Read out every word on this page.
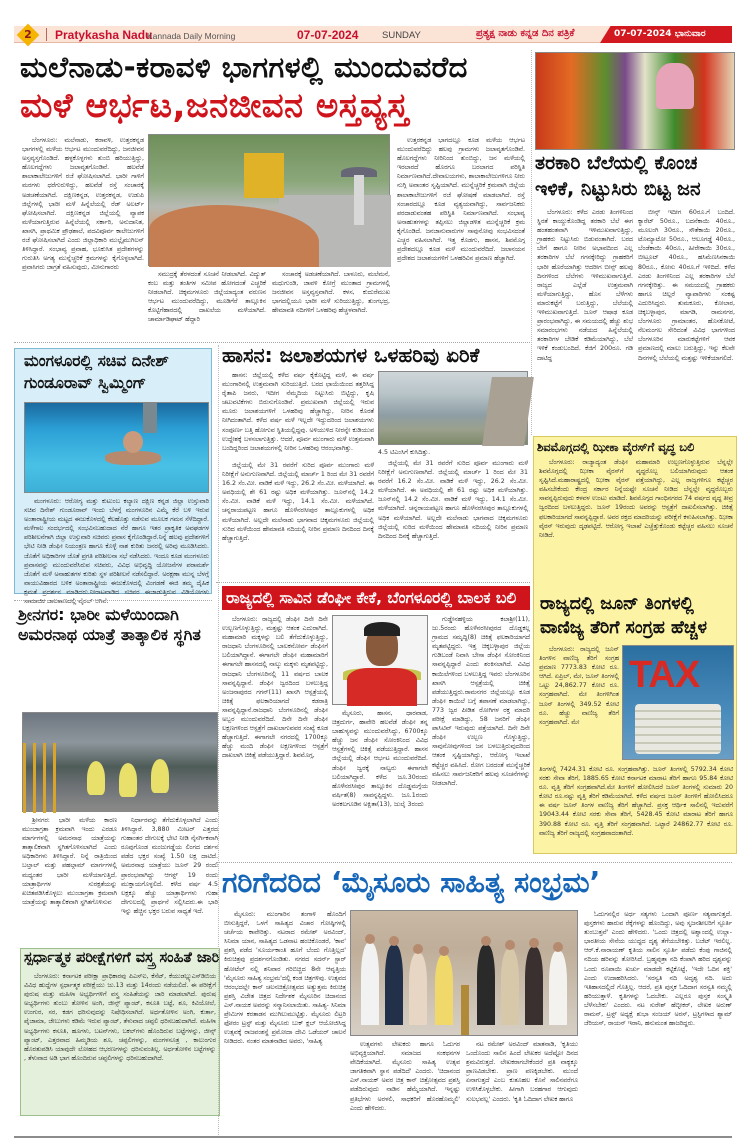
2	Pratykasha Nadu
Kannada Daily Morning	07-07-2024 SUNDAY	ಪ್ರತ್ಯಕ್ಷ ನಾಡು ಕನ್ನಡ ದಿನ ಪತ್ರಿಕೆ	07-07-2024 ಭಾನುವಾರ
ಮಲೆನಾಡು-ಕರಾವಳಿ ಭಾಗಗಳಲ್ಲಿ ಮುಂದುವರೆದ
ಮಳೆ ಆರ್ಭಟ,ಜನಜೀವನ ಅಸ್ತವ್ಯಸ್ತ
ಬೆಂಗಳೂರು: ಮಲೆನಾಡು, ಕರಾವಳಿ, ಉತ್ತರಕನ್ನಡ ಭಾಗಗಳಲ್ಲಿ ಮಳೆಯ ಆರ್ಭಟ ಮುಂದುವರೆದಿದ್ದು, ಜನಜೀವನ ಅಸ್ತವ್ಯಸ್ತಗೊಂಡಿದೆ. ಹಳ್ಳಕೊಳ್ಳಗಳು ತುಂಬಿ ಹರಿಯುತ್ತಿದ್ದು, ಹೊಲಗದ್ದೆಗಳು ಜಲಾವೃತಗೊಂಡಿವೆ. ಹಲವೆಡೆ ಶಾಲಾಕಾಲೇಜುಗಳಿಗೆ ರಜೆ ಘೋಷಿಸಲಾಗಿದೆ. ಭಾರೀ ಗಾಳಿಗೆ ಮರಗಳು ಧರೆಗುರುಳಿದ್ದು, ಹಲವೆಡೆ ರಸ್ತೆ ಸಂಚಾರಕ್ಕೆ ಅಡಚಣೆಯಾಗಿದೆ. ದಕ್ಷಿಣಕನ್ನಡ, ಉತ್ತರಕನ್ನಡ, ಉಡುಪಿ ಜಿಲ್ಲೆಗಳಲ್ಲಿ ಭಾರೀ ಮಳೆ ಹಿನ್ನೆಲೆಯಲ್ಲಿ ರೆಡ್ ಅಲರ್ಟ್ ಘೋಷಿಸಲಾಗಿದೆ. ದಕ್ಷಿಣಕನ್ನಡ ಜಿಲ್ಲೆಯಲ್ಲಿ ವ್ಯಾಪಕ ಮಳೆಯಾಗುತ್ತಿರುವ ಹಿನ್ನೆಲೆಯಲ್ಲಿ ಸರ್ಕಾರಿ, ಅನುದಾನಿತ, ಖಾಸಗಿ, ಪ್ರಾಥಮಿಕ ಪ್ರೌಢಶಾಲೆ, ಪದವಿಪೂರ್ವ ಕಾಲೇಜುಗಳಿಗೆ ರಜೆ ಘೋಷಿಸಲಾಗಿದೆ ಎಂದು ಜಿಲ್ಲಾಧಿಕಾರಿ ಮುಲ್ಲೈಮುಗಿಲನ್ ತಿಳಿಸಿದ್ದಾರೆ. ಸಂಭಾವ್ಯ ಪ್ರವಾಹ, ಭೂಕುಸಿತ ಪ್ರದೇಶಗಳನ್ನು ಗುರುತಿಸಿ ಅಗತ್ಯ ಮುನ್ನೆಚ್ಚರಿಕೆ ಕ್ರಮಗಳನ್ನು ಕೈಗೊಳ್ಳಲಾಗಿದೆ. ಪ್ರವಾಸಿಗರು ಜಾಗ್ರತೆ ವಹಿಸುವುದು, ಮೀನುಗಾರರು
ಸಮುದ್ರಕ್ಕೆ ತೆರಳದಂತೆ ಸೂಚನೆ ನೀಡಲಾಗಿದೆ. ವಿದ್ಯುತ್ ಕಂಬ ಮತ್ತು ತಂತಿಗಳ ಸಮೀಪ ಹೋಗದಂತೆ ಎಚ್ಚರಿಕೆ ನೀಡಲಾಗಿದೆ. ಚಿಕ್ಕಮಗಳೂರು ಜಿಲ್ಲೆಯಾದ್ಯಂತ ವರುಣನ ಆರ್ಭಟ ಮುಂದುವರೆದಿದ್ದು, ಮೂಡಿಗೆರೆ ತಾಲ್ಲೂಕಿನ ಕೊಟ್ಟಿಗೆಹಾರದಲ್ಲಿ ದಾಖಲೆಯ ಮಳೆಯಾಗಿದೆ. ಚಾರ್ಮಾಡಿಘಾಟ್ ಹೆದ್ದಾರಿ
ಸಂಚಾರಕ್ಕೆ ಅಡಚಣೆಯಾಗಿದೆ. ಬಾಳೂರು, ಮಲೆಮನೆ, ಮಧುಗುಂಡಿ, ಜಾವಳಿ ಕೋಗ್ರೆ ಮುಂತಾದ ಗ್ರಾಮಗಳಲ್ಲಿ ಜನಜೀವನ ಅಸ್ತವ್ಯಸ್ತವಾಗಿದೆ. ಕಳಸ, ಕುದುರೆಮುಖ ಭಾಗದಲ್ಲಿಯೂ ಭಾರೀ ಮಳೆ ಸುರಿಯುತ್ತಿದ್ದು, ತುಂಗಭದ್ರ, ಹೇಮಾವತಿ ನದಿಗಳಿಗೆ ಒಳಹರಿವು ಹೆಚ್ಚಳವಾಗಿದೆ.
ಉತ್ತರಕನ್ನಡ ಭಾಗದಲ್ಲೂ ಕೂಡ ಮಳೆಯ ಆರ್ಭಟ ಮುಂದುವರೆದಿದ್ದು ಹಲವು ಗ್ರಾಮಗಳು ಜಲಾವೃತಗೊಂಡಿವೆ. ಹೊಲಗದ್ದೆಗಳು ನೀರಿನಿಂದ ತುಂಬಿದ್ದು, ಜನ ಮಳೆಯಲ್ಲಿ ಇರಲಾರದೆ ಹೊರಗೂ ಬರಲಾಗದ ಪರಿಸ್ಥಿತಿ ನಿರ್ಮಾಣವಾಗಿದೆ.ದೇವಾಲಯಗಳು, ಶಾಲಾಕಾಲೇಜುಗಳಿಗೂ ನೀರು ನುಗ್ಗಿ ಅವಾಂತರ ಸೃಷ್ಟಿಯಾಗಿದೆ. ಮುನ್ನೆಚ್ಚರಿಕೆ ಕ್ರಮವಾಗಿ ಜಿಲ್ಲೆಯ ಶಾಲಾಕಾಲೇಜುಗಳಿಗೆ ರಜೆ ಘೋಷಣೆ ಮಾಡಲಾಗಿದೆ. ರಸ್ತೆ ಸಂಚಾರದಲ್ಲೂ ಕೂಡ ವ್ಯತ್ಯಯವಾಗಿದ್ದು, ಸಾರ್ವಜನಿಕರು ಪರದಾಡುವಂತಹ ಪರಿಸ್ಥಿತಿ ನಿರ್ಮಾಣವಾಗಿದೆ. ಸಂಭಾವ್ಯ ಅನಾಹುತಗಳನ್ನು ತಪ್ಪಿಸಲು ಜಿಲ್ಲಾಡಳಿತ ಮುನ್ನೆಚ್ಚರಿಕೆ ಕ್ರಮ ಕೈಗೊಂಡಿದೆ. ಜನಜಾನುವಾರುಗಳ ಸಾವುನೋವು ಸಂಭವಿಸದಂತೆ ಎಚ್ಚರ ವಹಿಸಲಾಗಿದೆ. ಇತ್ತ ಕೊಡಗು, ಹಾಸನ, ಶಿವಮೊಗ್ಗ ಪ್ರದೇಶದಲ್ಲೂ ಕೂಡ ಮಳೆ ಮುಂದುವರೆದಿದೆ. ಜಲಾನಯನ ಪ್ರದೇಶದ ಜಲಾಶಯಗಳಿಗೆ ಒಳಹರಿವಿನ ಪ್ರಮಾಣ ಹೆಚ್ಚಾಗಿದೆ.
ತರಕಾರಿ ಬೆಲೆಯಲ್ಲಿ ಕೊಂಚ
ಇಳಿಕೆ, ನಿಟ್ಟುಸಿರು ಬಿಟ್ಟ ಜನ
ಬೆಂಗಳೂರು: ಕಳೆದ ಎರಡು ತಿಂಗಳಿನಿಂದ ಸ್ಥಿರತೆ ಕಾಯ್ದುಕೊಂಡಿದ್ದ ತರಕಾರಿ ಬೆಲೆ ಈಗ ಹಂತಹಂತವಾಗಿ ಇಳಿಮುಖವಾಗುತ್ತಿದ್ದು, ಗ್ರಾಹಕರು ನಿಟ್ಟುಸಿರು ಬಿಡುವಂತಾಗಿದೆ. ಬರದ ಬೇಗೆ ಹಾಗೂ ನೀರಿನ ಅಭಾವದಿಂದ ಎಲ್ಲ ತರಕಾರಿಗಳ ಬೆಲೆ ಗಗನಕ್ಕೇರಿದ್ದು ಗ್ರಾಹಕರಿಗೆ ಭಾರೀ ಹೊರೆಯಾಗಿತ್ತು ಆದರೀಗ ಬೀನ್ಸ್ ಹಲವು ದಿನಗಳಿಂದ ಬೆಲೆಗಳು ಇಳಿಮುಖವಾಗುತ್ತಿವೆ. ರಾಜ್ಯದ ಎಲ್ಲೆಡೆ ಉತ್ತಮವಾಗಿ ಮಳೆಯಾಗುತ್ತಿದ್ದು, ಹೊಸ ಬೆಳೆಗಳು ಮಾರುಕಟ್ಟೆಗೆ ಬರುತ್ತಿದ್ದು, ಬೆಲೆಯಲ್ಲಿ ಇಳಿಮುಖವಾಗುತ್ತಿದೆ. ಜೂನ್ ಆಷಾಢ ಕೂಡ ಪ್ರಾರಂಭವಾಗಿದ್ದು, ಈ ಸಮಯದಲ್ಲಿ ಹೆಚ್ಚು ಶುಭ ಸಮಾರಂಭಗಳು ನಡೆಯದ ಹಿನ್ನೆಲೆಯಲ್ಲಿ ತರಕಾರಿಗಳ ಬೇಡಿಕೆ ಕಡಿಮೆಯಾಗಿದ್ದು, ಬೆಲೆ ಇಳಿಕೆ ಕಂಡುಬಂದಿದೆ. ಕೆಜಿಗೆ 200ರೂ. ಗಡಿ ದಾಟಿದ್ದ
ಬೀನ್ಸ್ ಇದೀಗ 60ರೂ.ಗೆ ಬಂದಿದೆ. ಕ್ಯಾರೆಟ್ 50ರೂ., ಬದನೆಕಾಯಿ 40ರೂ., ಮೂಲಂಗಿ 30ರೂ., ಸೌತೆಕಾಯಿ 20ರೂ., ಟೊಮ್ಯಾಟೋ 50ರೂ., ಆಲೂಗಡ್ಡೆ 40ರೂ., ಬೆಂಡೆಕಾಯಿ 40ರೂ., ಹೀರೇಕಾಯಿ 30ರೂ., ಬೀಟ್ರೂಟ್ 40ರೂ., ಹಸಿಮೆಣಸಿನಕಾಯಿ 80ರೂ., ಕೋಸು 40ರೂ.ಗೆ ಇಳಿದಿದೆ. ಕಳೆದ ಎರಡು ತಿಂಗಳಿನಿಂದ ಎಲ್ಲ ತರಕಾರಿಗಳ ಬೆಲೆ ಗಗನಕ್ಕೇರಿತ್ತು. ಈ ಸಮಯದಲ್ಲಿ ಗ್ರಾಹಕರು ಹಾಗೂ ಚಿಲ್ಲರೆ ವ್ಯಾಪಾರಿಗಳು ಸಂಕಷ್ಟ ಎದುರಿಸಿದ್ದರು. ತುಮಕೂರು, ಕೋಲಾರ, ಚಿಕ್ಕಬಳ್ಳಾಪುರ, ಮಾಗಡಿ, ರಾಮನಗರ, ಬೆಂಗಳೂರು ಗ್ರಾಮಾಂತರ, ಹೊಸಕೋಟೆ, ನೆಲಮಂಗಲ ಸೇರಿದಂತೆ ವಿವಿಧ ಭಾಗಗಳಿಂದ ಬೆಂಗಳೂರಿನ ಮಾರುಕಟ್ಟೆಗಳಿಗೆ ಆವಕ ಪ್ರಮಾಣದಲ್ಲಿ ಮಾಲು ಬರುತ್ತಿದ್ದು, ಇನ್ನು ಕೆಲವೇ ದಿನಗಳಲ್ಲಿ ಬೆಲೆಯಲ್ಲಿ ಮತ್ತಷ್ಟು ಇಳಿಕೆಯಾಗಲಿದೆ.
ಮಂಗಳೂರಲ್ಲಿ ಸಚಿವ ದಿನೇಶ್
ಗುಂಡೂರಾವ್ ಸ್ವಿಮ್ಮಿಂಗ್
ಮಂಗಳೂರು: ಆರೋಗ್ಯ ಮತ್ತು ಕುಟುಂಬ ಕಲ್ಯಾಣ ದಕ್ಷಿಣ ಕನ್ನಡ ಜಿಲ್ಲಾ ಉಸ್ತುವಾರಿ ಸಚಿವ ದಿನೇಶ್ ಗುಂಡೂರಾವ್ ಇಂದು ಬೆಳಗ್ಗೆ ಮಂಗಳೂರಿನ ಎಮ್ಮೆ ಕೆರೆ ಬಳಿ ಇರುವ ಅಂತಾರಾಷ್ಟ್ರೀಯ ಮಟ್ಟದ ಈಜುಕೊಳದಲ್ಲಿ ಕೆಲಹೊತ್ತು ನಡೆಸುವ ಮೂಲಕ ಗಮನ ಸೆಳೆದಿದ್ದಾರೆ. ಮಳೆಗಾಲ ಸಂದರ್ಭದಲ್ಲಿ ಸಂಭವಿಸಬಹುದಾದ ನೆರೆ ಹಾಗೂ ಇತರ ಪ್ರಾಕೃತಿಕ ಅವಘಡಗಳ ಪರಿಶೀಲನೆಗಾಗಿ ಜಿಲ್ಲಾ ಉಸ್ತುವಾರಿ ಸಚಿವರು ಪ್ರವಾಸ ಕೈಗೊಂಡಿದ್ದಾರೆ.ನಿನ್ನೆ ಹಲವು ಪ್ರದೇಶಗಳಿಗೆ ಭೇಟಿ ನೀಡಿ ಡೆಂಘೀ ನಿಯಂತ್ರಣ ಹಾಗೂ ಕೊಳ್ಳೆ ನಾಶ ಕುರಿತು ಜನರಲ್ಲಿ ಅರಿವು ಮೂಡಿಸಿದರು. ಜೊತೆಗೆ ಅಧಿಕಾರಿಗಳ ಜೊತೆ ಪ್ರಗತಿ ಪರಿಶೀಲನಾ ಸಭೆ ನಡೆಸಿದರು. ಇಂದೂ ಕೂಡ ಮಂಗಳೂರು ಪ್ರವಾಸವನ್ನು ಮುಂದುವರೆಸಿರುವ ಸಚಿವರು, ವಿವಿಧ ಅಭಿವೃದ್ಧಿ ಯೋಜನೆಗಳ ಪರಾಮರ್ಶೆ ಜೊತೆಗೆ ಮಳೆ ಅನಾಹುತಗಳ ಕುರಿತು ಸ್ಥಳ ಪರಿಶೀಲನೆ ನಡೆಸಲಿದ್ದಾರೆ. ಅರಕ್ಷಣಾ ಮುನ್ನ ಬೆಳಗ್ಗೆ ವಾಯುವಿಹಾರದ ಬಳಿಕ ಅಂತಾರಾಷ್ಟ್ರೀಯ ಈಜುಕೊಳದಲ್ಲಿ ವಿಂಗಡಣೆ ಈಜಿ ತಮ್ಮ ದೈಹಿಕ ಕ್ಷಮತೆ ಪ್ರದರ್ಶನ ಮಾಡಿದರು.ನೀರಾಟವಾಡಿದ ಸಚಿವರ ಈಜಾಡುತ್ತಿರುವ ವಿಡಿಯೋಗಳು ಸಾಮಾಜಿಕ ಜಾಲತಾಣದಲ್ಲಿ ವೈರಲ್ ಆಗಿವೆ.
ಹಾಸನ: ಜಲಾಶಯಗಳ ಒಳಹರಿವು ಏರಿಕೆ
ಹಾಸನ: ಜಿಲ್ಲೆಯಲ್ಲಿ ಕಳೆದ ವರ್ಷ ಕೈಕೊಟ್ಟಿದ್ದ ಮಳೆ, ಈ ವರ್ಷ ಮುಂಗಾರಿನಲ್ಲಿ ಉತ್ತಮವಾಗಿ ಸುರಿಯುತ್ತಿದೆ. ಬರದ ಛಾಯೆಯಿಂದ ತತ್ತರಿಸಿದ್ದ ರೈತಾಪಿ ಜನರು, ಇದೀಗ ನೆಮ್ಮದಿಯ ನಿಟ್ಟುಸಿರು ಬಿಟ್ಟಿದ್ದು, ಕೃಷಿ ಚಟುವಟಿಕೆಗಳು ಬಿರುಸುಗೊಂಡಿವೆ. ಪ್ರಮುಖವಾಗಿ ಜಿಲ್ಲೆಯಲ್ಲಿ ಇರುವ ಮೂರು ಜಲಾಶಯಗಳಿಗೆ ಒಳಹರಿವು ಹೆಚ್ಚಾಗಿದ್ದು, ನೀರಿನ ಕೊರತೆ ನೀಗಿದಂತಾಗಿದೆ. ಕಳೆದ ವರ್ಷ ಮಳೆ ಇಲ್ಲದೇ ಇದ್ದುದರಿಂದ ಜಲಾಶಯಗಳು ಸಂಪೂರ್ಣ ಬತ್ತಿ ಹೋಗುವ ಸ್ಥಿತಿಯಲ್ಲಿದ್ದವು. ಅಳಿಯುಳಿದ ನೀರನ್ನೇ ಕುಡಿಯುವ ಉದ್ದೇಶಕ್ಕೆ ಬಳಸಲಾಗುತ್ತಿತ್ತು. ಆದರೆ, ಪೂರ್ವ ಮುಂಗಾರು ಮಳೆ ಉತ್ತಮವಾಗಿ ಬಂದಿದ್ದರಿಂದ ಜಲಾಶಯಗಳಲ್ಲಿ ನೀರಿನ ಒಳಹರಿವು ಆರಂಭವಾಗಿತ್ತು.
4.5 ಟಿಎಂಸಿಗೆ ಕುಸಿದಿತ್ತು.
ಜಿಲ್ಲೆಯಲ್ಲಿ ಮೇ 31 ರವರೆಗೆ ಸುರಿದ ಪೂರ್ವ ಮುಂಗಾರು ಮಳೆ ನಿರೀಕ್ಷೆಗೆ ಅನುಗುಣವಾಗಿದೆ. ಜಿಲ್ಲೆಯಲ್ಲಿ ಮಾರ್ಚ್ 1 ರಿಂದ ಮೇ 31 ರವರೆಗೆ 16.2 ಸೆಂ.ಮೀ. ವಾಡಿಕೆ ಮಳೆ ಇದ್ದು, 26.2 ಸೆಂ.ಮೀ. ಮಳೆಯಾಗಿದೆ. ಈ ಅವಧಿಯಲ್ಲಿ ಶೇ 61 ರಷ್ಟು ಅಧಿಕ ಮಳೆಯಾಗಿತ್ತು. ಜೂನ್‌ನಲ್ಲಿ 14.2 ಸೆಂ.ಮೀ. ವಾಡಿಕೆ ಮಳೆ ಇದ್ದು, 14.1 ಸೆಂ.ಮೀ. ಮಳೆಯಾಗಿದೆ. ಚನ್ನರಾಯಪಟ್ಟಣ ಹಾಗೂ ಹೊಳೆನರಸೀಪುರ ತಾಲ್ಲೂಕುಗಳಲ್ಲಿ ಅಧಿಕ ಮಳೆಯಾಗಿದೆ. ಅಲ್ಲದೇ ಮಲೆನಾಡು ಭಾಗವಾದ ಚಿಕ್ಕಮಗಳೂರು ಜಿಲ್ಲೆಯಲ್ಲಿ ಸುರಿದ ಮಳೆಯಿಂದ ಹೇಮಾವತಿ ನದಿಯಲ್ಲಿ ನೀರಿನ ಪ್ರಮಾಣ ದಿನದಿಂದ ದಿನಕ್ಕೆ ಹೆಚ್ಚಾಗುತ್ತಿದೆ.
ಜಿಲ್ಲೆಯಲ್ಲಿ ಮೇ 31 ರವರೆಗೆ ಸುರಿದ ಪೂರ್ವ ಮುಂಗಾರು ಮಳೆ ನಿರೀಕ್ಷೆಗೆ ಅನುಗುಣವಾಗಿದೆ. ಜಿಲ್ಲೆಯಲ್ಲಿ ಮಾರ್ಚ್ 1 ರಿಂದ ಮೇ 31 ರವರೆಗೆ 16.2 ಸೆಂ.ಮೀ. ವಾಡಿಕೆ ಮಳೆ ಇದ್ದು, 26.2 ಸೆಂ.ಮೀ. ಮಳೆಯಾಗಿದೆ. ಈ ಅವಧಿಯಲ್ಲಿ ಶೇ 61 ರಷ್ಟು ಅಧಿಕ ಮಳೆಯಾಗಿತ್ತು. ಜೂನ್‌ನಲ್ಲಿ 14.2 ಸೆಂ.ಮೀ. ವಾಡಿಕೆ ಮಳೆ ಇದ್ದು, 14.1 ಸೆಂ.ಮೀ. ಮಳೆಯಾಗಿದೆ. ಚನ್ನರಾಯಪಟ್ಟಣ ಹಾಗೂ ಹೊಳೆನರಸೀಪುರ ತಾಲ್ಲೂಕುಗಳಲ್ಲಿ ಅಧಿಕ ಮಳೆಯಾಗಿದೆ. ಅಲ್ಲದೇ ಮಲೆನಾಡು ಭಾಗವಾದ ಚಿಕ್ಕಮಗಳೂರು ಜಿಲ್ಲೆಯಲ್ಲಿ ಸುರಿದ ಮಳೆಯಿಂದ ಹೇಮಾವತಿ ನದಿಯಲ್ಲಿ ನೀರಿನ ಪ್ರಮಾಣ ದಿನದಿಂದ ದಿನಕ್ಕೆ ಹೆಚ್ಚಾಗುತ್ತಿದೆ.
ಶಿವಮೊಗ್ಗದಲ್ಲಿ ಝೀಕಾ ವೈರಸ್‌ಗೆ ವೃದ್ಧ ಬಲಿ
ಬೆಂಗಳೂರು: ರಾಜ್ಯಾದ್ಯಂತ ಡೆಂಘೀ ಮಹಾಮಾರಿ ಉಲ್ಬಣಗೊಳ್ಳುತ್ತಿರುವ ಬೆನ್ನಲ್ಲೇ ಶಿವಮೊಗ್ಗದಲ್ಲಿ ಝೀಕಾ ವೈರಸ್‌ಗೆ ವೃದ್ಧರೊಬ್ಬ ಬಲಿಯಾಗಿರುವುದು ಆತಂಕ ಸೃಷ್ಟಿಸಿದೆ.ಮಹಾರಾಷ್ಟ್ರದಲ್ಲಿ ಝೀಕಾ ವೈರಸ್ ಪತ್ತೆಯಾಗಿದ್ದು, ಎಲ್ಲ ರಾಜ್ಯಗಳಿಗೂ ಕಟ್ಟೆಚ್ಚರ ವಹಿಸಬೇಕೆಂದು ಕೇಂದ್ರ ಸರ್ಕಾರ ನಿನ್ನೆಯಷ್ಟೇ ಸೂಚನೆ ನೀಡಿದ ಬೆನ್ನಲ್ಲೇ ವೃದ್ಧರೊಬ್ಬರು ಸಾವನ್ನಪ್ಪಿರುವುದು ಕಳವಳ ಉಂಟು ಮಾಡಿದೆ. ಶಿವಮೊಗ್ಗದ ಗಾಂಧಿನಗರದ 74 ವರ್ಷದ ವೃದ್ಧ ತೀವ್ರ ಜ್ವರದಿಂದ ಬಳಲುತ್ತಿದ್ದರು. ಜೂನ್ 19ರಂದು ಅವರನ್ನು ಆಸ್ಪತ್ರೆಗೆ ದಾಖಲಿಸಲಾಗಿತ್ತು. ಚಿಕಿತ್ಸೆ ಫಲಕಾರಿಯಾಗದೆ ಸಾವನ್ನಪ್ಪಿದ್ದಾರೆ. ಅವರ ರಕ್ತದ ಮಾದರಿಯನ್ನು ಪರೀಕ್ಷೆಗೆ ಕಳುಹಿಸಲಾಗಿತ್ತು. ಝೀಕಾ ವೈರಸ್ ಇರುವುದು ದೃಢಪಟ್ಟಿದೆ. ಆರೋಗ್ಯ ಇಲಾಖೆ ಎಚ್ಚೆತ್ತುಕೊಂಡು ಕಟ್ಟೆಚ್ಚರ ವಹಿಸಲು ಸೂಚನೆ ನೀಡಿದೆ.
ರಾಜ್ಯದಲ್ಲಿ ಜೂನ್ ತಿಂಗಳಲ್ಲಿ
ವಾಣಿಜ್ಯ ತೆರಿಗೆ ಸಂಗ್ರಹ ಹೆಚ್ಚಳ
ಬೆಂಗಳೂರು: ರಾಜ್ಯದಲ್ಲಿ ಜೂನ್ ತಿಂಗಳಿನ ವಾಣಿಜ್ಯ ತೆರಿಗೆ ಸಂಗ್ರಹ ಪ್ರಮಾಣ 7773.83 ಕೋಟಿ ರೂ. ಆಗಿದೆ. ಏಪ್ರಿಲ್, ಮೇ, ಜೂನ್ ತಿಂಗಳಲ್ಲಿ ಒಟ್ಟು 24,862.77 ಕೋಟಿ ರೂ. ಸಂಗ್ರಹವಾಗಿದೆ. ಮೇ ತಿಂಗಳಿಗಿಂತ ಜೂನ್ ತಿಂಗಳಲ್ಲಿ 349.52 ಕೋಟಿ ರೂ. ಹೆಚ್ಚು ವಾಣಿಜ್ಯ ತೆರಿಗೆ ಸಂಗ್ರಹವಾಗಿದೆ. ಮೇ
TAX
ತಿಂಗಳಲ್ಲಿ 7424.31 ಕೋಟಿ ರೂ. ಸಂಗ್ರಹವಾಗಿತ್ತು. ಜೂನ್ ತಿಂಗಳಲ್ಲಿ 5792.34 ಕೋಟಿ ಸರಕು ಸೇವಾ ತೆರಿಗೆ, 1885.65 ಕೋಟಿ ಕರ್ನಾಟಕ ಮಾರಾಟ ತೆರಿಗೆ ಹಾಗೂ 95.84 ಕೋಟಿ ರೂ. ವೃತ್ತಿ ತೆರಿಗೆ ಸಂಗ್ರಹವಾಗಿದೆ.ಮೇ ತಿಂಗಳಿಗೆ ಹೋಲಿಸಿದರೆ ಜೂನ್ ತಿಂಗಳಲ್ಲಿ ಸುಮಾರು 20 ಕೋಟಿ ರೂ.ನಷ್ಟು ವೃತ್ತಿ ತೆರಿಗೆ ಕಡಿಮೆಯಾಗಿದೆ. ಕಳೆದ ವರ್ಷದ ಜೂನ್ ತಿಂಗಳಿಗೆ ಹೋಲಿಸಿದರೂ ಈ ವರ್ಷ ಜೂನ್ ತಿಂಗಳ ವಾಣಿಜ್ಯ ತೆರಿಗೆ ಹೆಚ್ಚಾಗಿದೆ. ಪ್ರಸಕ್ತ ಆರ್ಥಿಕ ಸಾಲಿನಲ್ಲಿ ಇದುವರೆಗೆ 19043.44 ಕೋಟಿ ಸರಕು ಸೇವಾ ತೆರಿಗೆ, 5428.45 ಕೋಟಿ ಮಾರಾಟ ತೆರಿಗೆ ಹಾಗೂ 390.88 ಕೋಟಿ ರೂ. ವೃತ್ತಿ ತೆರಿಗೆ ಸಂಗ್ರಹವಾಗಿದೆ. ಒಟ್ಟಾರೆ 24862.77 ಕೋಟಿ ರೂ. ವಾಣಿಜ್ಯ ತೆರಿಗೆ ರಾಜ್ಯದಲ್ಲಿ ಸಂಗ್ರಹವಾದಂತಾಗಿದೆ.
ರಾಜ್ಯದಲ್ಲಿ ಸಾವಿನ ಡೆಂಘೀ ಕೇಕೆ, ಬೆಂಗಳೂರಲ್ಲಿ ಬಾಲಕ ಬಲಿ
ಬೆಂಗಳೂರು: ರಾಜ್ಯದಲ್ಲಿ ಡೆಂಘೀ ದಿನೇ ದಿನೇ ಉಲ್ಬಣಗೊಳ್ಳುತ್ತಿದ್ದು, ಮತ್ತಷ್ಟು ಆತಂಕ ಎದುರಾಗಿದೆ. ಮಹಾಮಾರಿ ಮಕ್ಕಳನ್ನು ಬಲಿ ತೆಗೆದುಕೊಳ್ಳುತ್ತಿದ್ದು, ರಾಜಧಾನಿ ಬೆಂಗಳೂರಿನಲ್ಲಿ ಬಾಲಕನೋರ್ವ ಡೆಂಘೀಗೆ ಬಲಿಯಾಗಿದ್ದಾನೆ. ಈಗಾಗಲೇ ಡೆಂಘೀ ಮಹಾಮಾರಿಗೆ ಈಗಾಗಲೇ ಹಾಸನದಲ್ಲಿ ನಾಲ್ಕು ಮಕ್ಕಳು ಮೃತಪಟ್ಟಿದ್ದು, ರಾಜಧಾನಿ ಬೆಂಗಳೂರಿನಲ್ಲಿ 11 ವರ್ಷದ ಬಾಲಕ ಸಾವನ್ನಪ್ಪಿದ್ದಾನೆ. ಡೆಂಘೀ ಜ್ವರದಿಂದ ಬಳಲುತ್ತಿದ್ದ ಅಂಜನಾಪುರದ ಗಗನ್(11) ಖಾಸಗಿ ಆಸ್ಪತ್ರೆಯಲ್ಲಿ ಚಿಕಿತ್ಸೆ ಫಲಕಾರಿಯಾಗದೆ ಕಡರಾತ್ರಿ ಸಾವನ್ನಪ್ಪಿದ್ದಾನೆ.ರಾಜಧಾನಿ ಬೆಂಗಳೂರಿನಲ್ಲಿ ಡೆಂಘೀ ಅಬ್ಬರ ಮುಂದುವರೆದಿದೆ. ದಿನೇ ದಿನೇ ಡೆಂಘೀ ಲಕ್ಷಣಗಳಿಂದ ಆಸ್ಪತ್ರೆಗೆ ದಾಖಲಾಗುವವರ ಸಂಖ್ಯೆ ಕೂಡ ಹೆಚ್ಚಾಗುತ್ತಿದೆ. ಈಗಾಗಲೇ ನಗರದಲ್ಲಿ 1700ಕ್ಕೂ ಹೆಚ್ಚು ಮಂದಿ ಡೆಂಘೀ ಲಕ್ಷಣಗಳಿಂದ ಆಸ್ಪತ್ರೆಗೆ ದಾಖಲಾಗಿ ಚಿಕಿತ್ಸೆ ಪಡೆಯುತ್ತಿದ್ದಾರೆ. ಶಿವಮೊಗ್ಗ,
ಮೈಸೂರು, ಹಾಸನ, ಧಾರವಾಡ, ಚಿತ್ರದುರ್ಗ, ಹಾವೇರಿ ಹಲವೆಡೆ ಡೆಂಘೀ ತನ್ನ ಬಾಹುಳ್ಯವನ್ನು ಮುಂದುವರೆಸಿದ್ದು, 6700ಕ್ಕೂ ಹೆಚ್ಚು ಜನ ಡೆಂಘೀ ಸೋಂಕಿನಿಂದ ವಿವಿಧ ಆಸ್ಪತ್ರೆಗಳಲ್ಲಿ ಚಿಕಿತ್ಸೆ ಪಡೆಯುತ್ತಿದ್ದಾರೆ. ಹಾಸನ ಜಿಲ್ಲೆಯಲ್ಲಿ ಡೆಂಘೀ ಆರ್ಭಟ ಮುಂದುವರೆದಿದೆ. ಡೆಂಘೀ ಜ್ವರಕ್ಕೆ ನಾಲ್ವರು ಈಗಾಗಲೇ ಬಲಿಯಾಗಿದ್ದಾರೆ. ಕಳೆದ ಜೂ.30ರಂದು ಹೊಳೆನರಸೀಪುರ ತಾಲ್ಲೂಕಿನ ದೊಡ್ಡಮಗ್ಗೆಯ ವರ್ಷಿತ(8) ಸಾವನ್ನಪ್ಪಿದ್ದಳು. ಜೂ.1ರಂದು ಅರಕಲಗೂಡಿನ ಅಕ್ಷಿತಾ(13), ಜುಲೈ 3ರಂದು
ಗುಡ್ಡೇನಹಳ್ಳಿಯ ಕಲಾಶ್ರೀ(11), ಜು.5ರಂದು ಹೊಳೆನರಸೀಪುರದ ದೊಡ್ಡಕಲ್ಲ ಗ್ರಾಮದ ಸಮೃದ್ಧಿ(8) ಚಿಕಿತ್ಸೆ ಫಲಕಾರಿಯಾಗದೆ ಮೃತಪಟ್ಟಿದ್ದರು. ಇತ್ತ ಚಿಕ್ಕಬಳ್ಳಾಪುರ ಜಿಲ್ಲೆಯ ಗುಡಿಬಂಡೆ ನಿವಾಸಿ ಬೇಸಾ ಡೆಂಘೀ ಸೋಂಕಿನಿಂದ ಸಾವನ್ನಪ್ಪಿದ್ದಾರೆ ಎಂದು ಶಂಕಿಸಲಾಗಿದೆ. ವಿವಿಧ ಕಾಯಿಲೆಗಳಿಂದ ಬಳಲುತ್ತಿದ್ದ ಇವರು ಬೆಂಗಳೂರಿನ ಖಾಸಗಿ ಆಸ್ಪತ್ರೆಯಲ್ಲಿ ಚಿಕಿತ್ಸೆ ಪಡೆಯುತ್ತಿದ್ದರು.ರಾಮನಗರ ಜಿಲ್ಲೆಯಲ್ಲೂ ಕೂಡ ಡೆಂಘೀ ಕಾಯಿಲೆ ಬಗ್ಗೆ ತಪಾಸಣೆ ಮಾಡಲಾಗಿದ್ದು, 773 ಜ್ವರ ಪೀಡಿತ ರೋಗಿಗಳ ರಕ್ತ ಮಾದರಿ ಪರೀಕ್ಷೆ ಮಾಡಿದ್ದು, 58 ಜನರಿಗೆ ಡೆಂಘೀ ಪಾಸಿಟಿವ್ ಇರುವುದು ಪತ್ತೆಯಾಗಿದೆ. ದಿನೇ ದಿನೇ ಡೆಂಘೀ ಉಲ್ಬಣ ಗೊಳ್ಳುತ್ತಿದ್ದು, ಸಾವುನೋವುಗಳಿಂದ ಜನ ಬಳಲುತ್ತಿರುವುದರಿಂದ ಆತಂಕ ಸೃಷ್ಟಿಯಾಗಿದ್ದು, ಆರೋಗ್ಯ ಇಲಾಖೆ ಕಟ್ಟೆಚ್ಚರ ವಹಿಸಿದೆ. ರೋಗ ಬರದಂತೆ ಮುನ್ನೆಚ್ಚರಿಕೆ ವಹಿಸಲು ಸಾರ್ವಜನಿಕರಿಗೆ ಹಲವು ಸೂಚನೆಗಳನ್ನು ನೀಡಲಾಗಿದೆ.
ಶ್ರೀನಗರ: ಭಾರೀ ಮಳೆಯಿಂದಾಗಿ
ಅಮರನಾಥ ಯಾತ್ರೆ ತಾತ್ಕಾಲಿಕ ಸ್ಥಗಿತ
ಶ್ರೀನಗರ: ಭಾರೀ ಮಳೆಯ ಕಾರಣ ಮುಂಜಾಗ್ರತಾ ಕ್ರಮವಾಗಿ ಇಂದು ಎರಡೂ ಮಾರ್ಗಗಳಲ್ಲಿ ಅಮರನಾಥ ಯಾತ್ರೆಯನ್ನು ತಾತ್ಕಾಲಿಕವಾಗಿ ಸ್ಥಗಿತಗೊಳಿಸಲಾಗಿದೆ ಎಂದು ಅಧಿಕಾರಿಗಳು ತಿಳಿಸಿದ್ದಾರೆ. ನಿನ್ನೆ ರಾತ್ರಿಯಿಂದ ಬಲ್ತಾಲ್ ಮತ್ತು ಪಹಲ್ಗಾಮ್ ಮಾರ್ಗಗಳಲ್ಲಿ ಮಧ್ಯಂತರ ಭಾರೀ ಮಳೆಯಾಗುತ್ತಿದೆ. ಯಾತ್ರಾರ್ಥಿಗಳ ಸುರಕ್ಷತೆಯನ್ನು ಖಚಿತಪಡಿಸಿಕೊಳ್ಳಲು ಮುಂಜಾಗ್ರತಾ ಕ್ರಮವಾಗಿ ಯಾತ್ರೆಯನ್ನು ತಾತ್ಕಾಲಿಕವಾಗಿ ಸ್ಥಗಿತಗೊಳಿಸುವ
ನಿರ್ಧಾರವನ್ನು ತೆಗೆದುಕೊಳ್ಳಲಾಗಿದೆ ಎಂದು ತಿಳಿಸಿದ್ದಾರೆ. 3,880 ಮೀಟರ್ ಎತ್ತರದ ಗುಹಾಂತರ ದೇಗುಲಕ್ಕೆ ಭೇಟಿ ನೀಡಿ ನೈಸರ್ಗಿಕವಾಗಿ ರೂಪುಗೊಂಡ ಮಂಜುಗಡ್ಡೆಯ ಲಿಂಗದ ದರ್ಶನ ಪಡೆದ ಭಕ್ತರ ಸಂಖ್ಯೆ 1.50 ಲಕ್ಷ ದಾಟಿದೆ. ಅಮರನಾಥ ಯಾತ್ರೆಯು ಜೂನ್ 29 ರಂದು ಪ್ರಾರಂಭವಾಗಿದ್ದು ಆಗಸ್ಟ್ 19 ರಂದು ಮುಕ್ತಾಯಗೊಳ್ಳಲಿದೆ. ಕಳೆದ ವರ್ಷ 4.5 ಲಕ್ಷಕ್ಕೂ ಹೆಚ್ಚು ಯಾತ್ರಾರ್ಥಿಗಳು ಗುಹಾ ದೇಗುಲದಲ್ಲಿ ಪ್ರಾರ್ಥನೆ ಸಲ್ಲಿಸಿದರು.ಈ ಭಾರಿ ಇನ್ನು ಹೆಚ್ಚಿನ ಭಕ್ತರ ಬರುವ ಸಾಧ್ಯತೆ ಇದೆ.
ಸ್ಪರ್ಧಾತ್ಮಕ ಪರೀಕ್ಷೆಗಳಿಗೆ ವಸ್ತ್ರ ಸಂಹಿತೆ ಜಾರಿ
ಬೆಂಗಳೂರು: ಕರ್ನಾಟಕ ಪರೀಕ್ಷಾ ಪ್ರಾಧಿಕಾರವು ಪಿಎಸ್ಐ, ಕೆಸೆಟ್, ಕೆಯುಡಬ್ಲ್ಯುಎಸ್‌ಡಿಬಿಯ ವಿವಿಧ ಹುದ್ದೆಗಳ ಸ್ಪರ್ಧಾತ್ಮಕ ಪರೀಕ್ಷೆಯು ಜು.13 ಮತ್ತು 14ರಂದು ನಡೆಯಲಿದೆ. ಈ ಪರೀಕ್ಷೆಗೆ ಪುರುಷ ಮತ್ತು ಮಹಿಳಾ ಅಭ್ಯರ್ಥಿಗಳಿಗೆ ವಸ್ತ್ರ ಸಂಹಿತೆಯನ್ನು ಜಾರಿ ಮಾಡಲಾಗಿದೆ. ಪುರುಷ ಅಭ್ಯರ್ಥಿಗಳು ತುಂಬು ತೋಳಿನ ಅಂಗಿ, ಜೀನ್ಸ್ ಪ್ಯಾಂಟ್, ಕಸೂತಿ ಬಟ್ಟೆ, ಶೂ, ಕಿವಿಯೋಲೆ, ಉಂಗುರ, ಸರ, ಕಡಗ ಧರಿಸುವುದನ್ನು ನಿಷೇಧಿಸಲಾಗಿದೆ. ಅರ್ಧತೋಳಿನ ಅಂಗಿ, ಕುರ್ತಾ, ಪೈಜಾಮಾ, ಜೇಬುಗಳು ಕಡಿಮೆ ಇರುವ ಪ್ಯಾಂಟ್, ತೆಳುವಾದ ಚಪ್ಪಲಿ ಧರಿಸಬಹುದಾಗಿದೆ. ಮಹಿಳಾ ಅಭ್ಯರ್ಥಿಗಳು ಕಸೂತಿ, ಹೂಗಳು, ಬಟನ್‌ಗಳು, ಬಕಲ್‌ಗಳು ಹೊಂದಿರುವ ಬಟ್ಟೆಗಳನ್ನು, ಜೀನ್ಸ್ ಪ್ಯಾಂಟ್, ಎತ್ತರವಾದ ಹಿಮ್ಮಡಿಯ ಶೂ, ಚಪ್ಪಲಿಗಳನ್ನು, ಮಂಗಳಸೂತ್ರ , ಕಾಲುಂಗುರ ಹೊರತುಪಡಿಸಿ ಯಾವುದೇ ಲೋಹದ ಆಭರಣಗಳನ್ನು ಧರಿಸುವಂತಿಲ್ಲ. ಅರ್ಧತೋಳಿನ ಬಟ್ಟೆಗಳನ್ನು , ತೆಳುವಾದ ಅಡಿ ಭಾಗ ಹೊಂದಿರುವ ಚಪ್ಪಲಿಗಳನ್ನು ಧರಿಸಬಹುದಾಗಿದೆ.
ಗರಿಗೆದರಿದ ‘ಮೈಸೂರು ಸಾಹಿತ್ಯ ಸಂಭ್ರಮ’
ಮೈಸೂರು: ಮುಂಗಾರಿನ ತಂಗಾಳಿ ಹೊಂದಿಗೆ ಬೀಸುತ್ತಿದ್ದರೆ, ಒಳಗೆ ಸಾಹಿತ್ಯದ ವಿಚಾರ ಗೋಷ್ಠಿಗಳಲ್ಲಿ ಚರ್ಚೆಯ ಕಾವೇರಿತ್ತು. ನಟರಾದ ರಮೇಶ್ ಅರವಿಂದ್, ಸಿನಿಮಾ ಯಾನ, ಸಾಹಿತ್ಯದ ಒಡನಾಟ ಹಂಚಿಕೊಂಡರೆ, 'ಕಾವ' ಪ್ರಶಸ್ತಿ ಪಡೆದ 'ಸೂರ್ಯಕಾಂತಿ ಹೂಗೆ ಬೆಂದು ಗೊತ್ತಿಲ್ಲದ' ಕಿರುಚಿತ್ರವು ಪ್ರದರ್ಶನಗೊಂಡಿತು. ನಗರದ ಸದರ್ನ್ ಸ್ಟಾರ್ ಹೋಟೆಲ್ ನಲ್ಲಿ ಶನಿವಾರ ಗರಿಬಿಚ್ಚಿದ 8ನೇ ಆವೃತ್ತಿಯ 'ಮೈಸೂರು ಸಾಹಿತ್ಯ ಸಂಭ್ರಮ'ದಲ್ಲಿ ಕಂಡ ಚಿತ್ರಗಳಿವು. ಉತ್ಸವದ ಆರಂಭದಲ್ಲೇ ಕಾನ್ ಚಲನಚಿತ್ರೋತ್ಸವದ ಅತ್ಯುತ್ತಮ ಕಿರುಚಿತ್ರ ಪ್ರಶಸ್ತಿ ವಿಜೇತ ಚಿತ್ರದ ನಿರ್ದೇಶಕ ಮೈಸೂರಿನ ಚಿದಾನಂದ ಎಸ್.ನಾಯಕ ಅವರನ್ನು ಸನ್ಮಾನಿಸಲಾಯಿತು. ಸಾಹಿತ್ಯ- ಸಿನಿಮಾ ಪ್ರೇಮಿಗಳ ಕರತಾಡನ ಮುಗಿಲುಮುಟ್ಟಿತ್ತು. ಮೈಸೂರು ಲಿಟ್ರರಿ ಫೋರಂ ಟ್ರಸ್ಟ್ ಮತ್ತು ಮೈಸೂರು ಬುಕ್ ಕ್ಲಬ್ ಆಯೋಜಿಸಿದ್ದ ಉತ್ಸವಕ್ಕೆ ರಾಜವಂಶಸ್ಥೆ ಪ್ರಮೋದಾ ದೇವಿ ಒಡೆಯರ್ ಚಾಲನೆ ನೀಡಿದರು. ನಂತರ ಮಾತನಾಡಿದ ಅವರು, 'ಸಾಹಿತ್ಯ	ಉತ್ಸವಗಳು ಲೇಖಕರು ಹಾಗೂ ಓದುಗರ ಅಭಿವ್ಯಕ್ತಿಯಾಗಿದೆ. ಸಮಾಜದ ಸಂಕಥನಗಳ ವೇದಿಕೆಯಾಗಿದೆ. ಮೈಸೂರು ಸಾಹಿತ್ಯ ಉತ್ಸವ ಜಾಗತಿಕವಾಗಿ ಸ್ಥಾನ ಪಡೆದಿದೆ' ಎಂದರು. 'ಚಿದಾನಂದ ಎಸ್.ನಾಯಕ್ ಅವರ ಚಿತ್ರ ಕಾನ್ ಚಿತ್ರೋತ್ಸವದ ಪ್ರಶಸ್ತಿ ಪಡೆದಿರುವುದು ನಾಡಿನ ಹೆಮ್ಮೆಯಾಗಿದೆ. ಇನ್ನಷ್ಟು ಪ್ರತಿಭೆಗಳು ಅರಳಲಿ, ಸಾಧಕರಿಗೆ ಹೊರಹೊಮ್ಮಲಿ' ಎಂದು ಹೇಳಿದರು.
ನಟ ರಮೇಶ್ ಅರವಿಂದ್ ಮಾತನಾಡಿ, 'ಕೃತಿಯು ಒಂದೊಂದು ಸಾಲಿನ ಹಿಂದೆ ಲೇಖಕರ ಅದೆಷ್ಟೋ ದಿನದ ಶ್ರಮವಿರುತ್ತದೆ. ಲೇಖಕರಾಗಬೇಕೆಂದರೆ ಪ್ರತಿ ವಾಕ್ಯಕ್ಕೂ ಪ್ರಾಣವಿಡಬೇಕು. ಪ್ರಾಣ ಪಣಕ್ಕಿಡಬೇಕು. ಮುಂದೆ ಏನಾಗುತ್ತದೆ ಎಂಬ ಕುತೂಹಲ ಕೊನೆ ಸಾಲಿನವರೆಗೂ ಉಳಿಸಿಕೊಳ್ಳಬೇಕು. ಹೀಗಾಗಿ ಬರಹಗಾರ ಆಗುವುದು ಸುಲಭವಲ್ಲ' ಎಂದರು. 'ಕೃತಿ ಓದಿದಾಗ ಲೇಖಕ ಹಾಗೂ
ಓದುಗನಲ್ಲಿರ ಅರ್ಧ ಸತ್ಯಗಳು ಒಂದಾಗಿ ಪೂರ್ಣ ಸತ್ಯವಾಗುತ್ತದೆ. ಪುಸ್ತಕಗಳು ಹಾರುವ ರೆಕ್ಕೆಗಳನ್ನು ಹೊಂದಿದ್ದು, ಅವು ಸೃಜನಶೀಲರಿಗೆ ಸ್ಫೂರ್ತಿ ತುಂಬುತ್ತವೆ' ಎಂದು ಹೇಳಿದರು. 'ಒಂದು ಚಿತ್ರದಲ್ಲಿ ಅಶ್ವಾಂದಲ್ಲಿ ಉಲ್ಲಾ- ಭಾರತೀಯ ಸೇನೆಯ ಯುದ್ಧದ ದೃಶ್ಯ ತೆಗೆಯಬೇಕಿತ್ತು. ಬಜೆಟ್ ಇರಲಿಲ್ಲ. ಆರ್.ಕೆ.ನಾರಾಯಣ್ ಕೃತಿಯ ಸಾಲಿನ ಸ್ಫೂರ್ತಿ ಪಡೆದು ಕೆಂಪು ಗಾಜಿನಲ್ಲಿ ನದಿಯ ಹರಿವನ್ನು ತೋರಿಸಿದೆ. ಬ್ರಹ್ಮಪುತ್ರಾ ನದಿ ಕೆಂಪಾಗಿ ಹರಿದ ದೃಶ್ಯವನ್ನು ಒಂದು ರೂಪಾಯಿ ಖರ್ಚು ಮಾಡದೇ ಕಟ್ಟಿಕೊಟ್ಟೆ, 'ಇದೇ ಓದಿನ ಶಕ್ತಿ' ಎಂದು ಉದಾಹರಿಸಿದರು. 'ಸರಸ್ವತಿ ನದಿ ಅದೃಶ್ಯ ನದಿ. ಅದು ಇತಿಹಾಸದಲ್ಲಿದೆ ಗೊತ್ತಿಲ್ಲ. ಆದರೆ, ಪ್ರತಿ ಪುಸ್ತಕ ಓದಿದಾಗ ಸರಸ್ವತಿ ನಮ್ಮಲ್ಲಿ ಹರಿಯುತ್ತಾಳೆ. ಕೃತಿಗಳನ್ನು ಓದಬೇಕು. ಎಲ್ಲರೂ ಪುಸ್ತಕ ಸಂಸ್ಕೃತಿ ಬೆಳೆಸಬೇಕು' ಎಂದರು. ನಟ ಸುರೇಶ್ ಹೆಬ್ಳೀಕರ್, ಲೇಖಕ ಅರುಣ್ ರಾಮನ್, ಟ್ರಸ್ಟ್ ಅಧ್ಯಕ್ಷೆ ಶುಭಾ ಸಂಜಯ್ ಅರಸ್, ಟ್ರಸ್ಟಿಗಳಾದ ಶ್ಯಾಮ್ ಜೆರಿಯಸ್, ರಾಯನ್ ಇರಾನಿ, ಹನುಮಂತ ಹಾಜರಿದ್ದರು.
